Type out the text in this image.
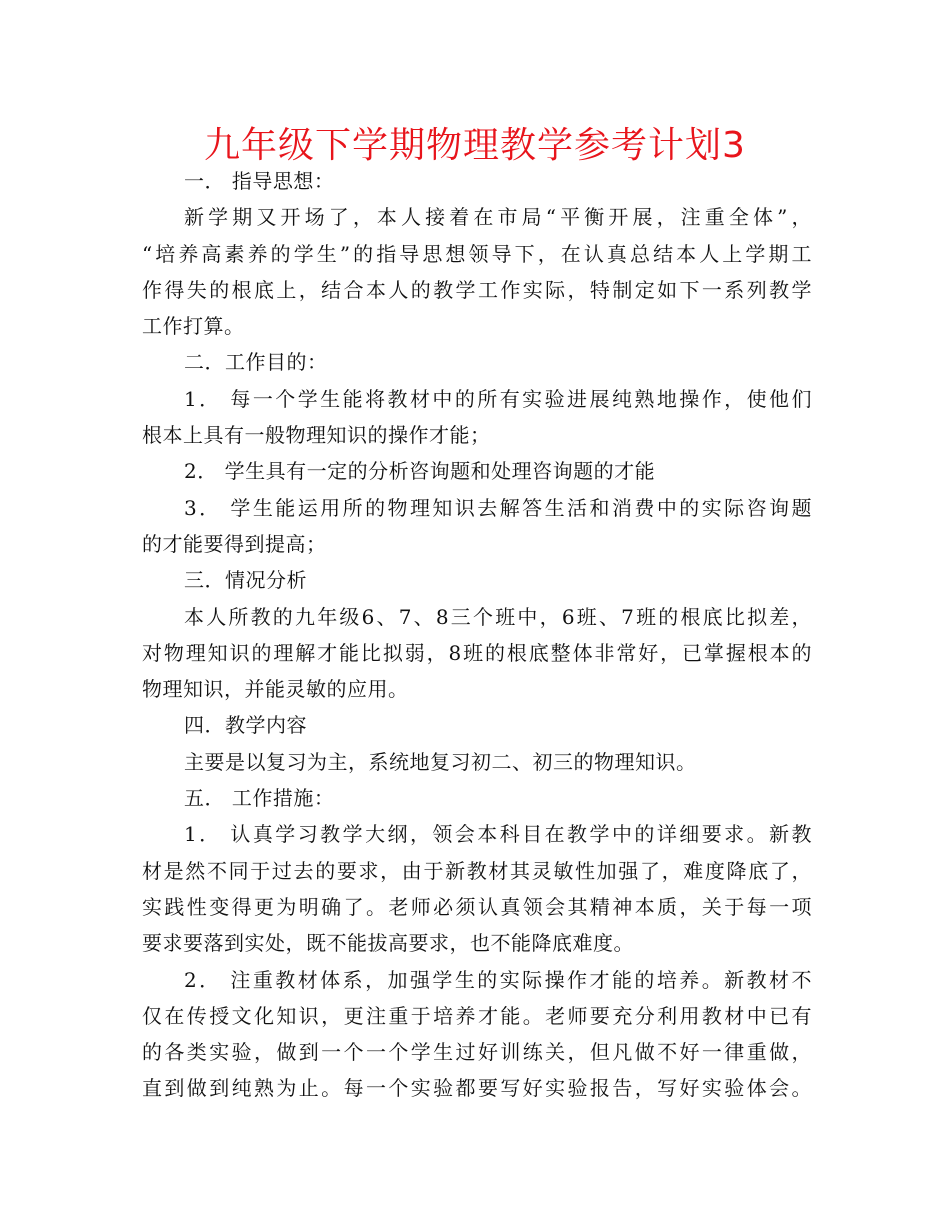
九年级下学期物理教学参考计划3
一． 指导思想：
新学期又开场了，本人接着在市局“平衡开展，注重全体”，
“培养高素养的学生”的指导思想领导下，在认真总结本人上学期工
作得失的根底上，结合本人的教学工作实际，特制定如下一系列教学
工作打算。
二．工作目的：
1． 每一个学生能将教材中的所有实验进展纯熟地操作，使他们
根本上具有一般物理知识的操作才能；
2． 学生具有一定的分析咨询题和处理咨询题的才能
3． 学生能运用所的物理知识去解答生活和消费中的实际咨询题
的才能要得到提高；
三．情况分析
本人所教的九年级6、7、8三个班中，6班、7班的根底比拟差，
对物理知识的理解才能比拟弱，8班的根底整体非常好，已掌握根本的
物理知识，并能灵敏的应用。
四．教学内容
主要是以复习为主，系统地复习初二、初三的物理知识。
五． 工作措施：
1． 认真学习教学大纲，领会本科目在教学中的详细要求。新教
材是然不同于过去的要求，由于新教材其灵敏性加强了，难度降底了，
实践性变得更为明确了。老师必须认真领会其精神本质，关于每一项
要求要落到实处，既不能拔高要求，也不能降底难度。
2． 注重教材体系，加强学生的实际操作才能的培养。新教材不
仅在传授文化知识，更注重于培养才能。老师要充分利用教材中已有
的各类实验，做到一个一个学生过好训练关，但凡做不好一律重做，
直到做到纯熟为止。每一个实验都要写好实验报告，写好实验体会。
